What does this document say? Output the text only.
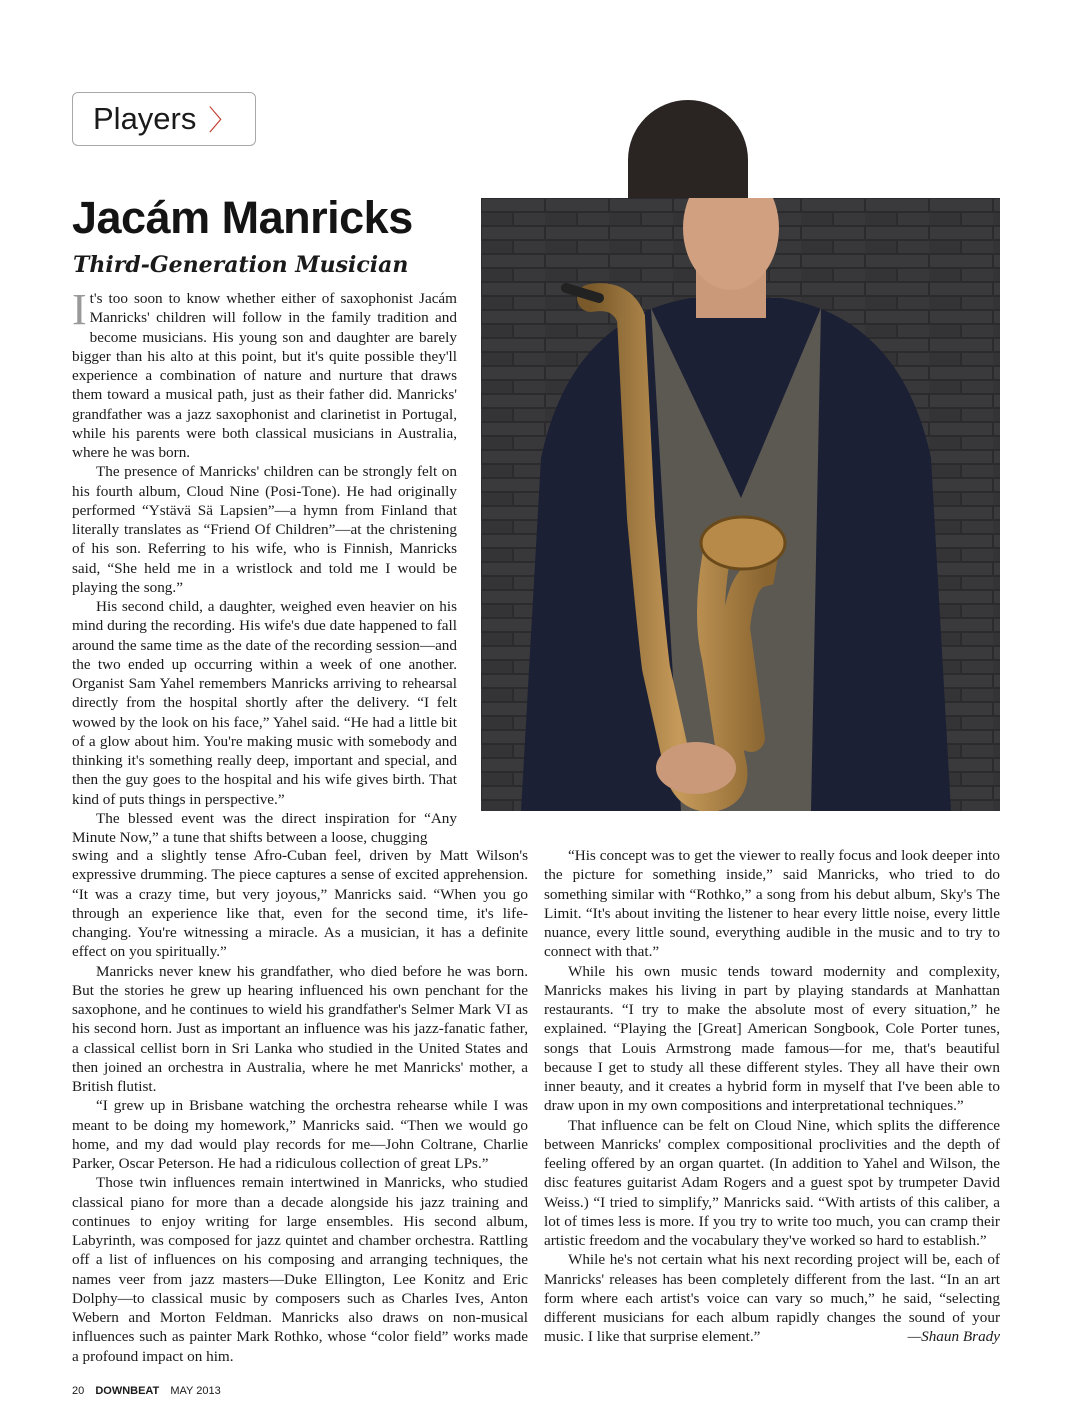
Players 〉
Jacám Manricks
Third-Generation Musician

It's too soon to know whether either of saxophonist Jacám Manricks' children will follow in the family tradition and become musicians. His young son and daughter are barely bigger than his alto at this point, but it's quite possible they'll experience a combination of nature and nurture that draws them toward a musical path, just as their father did. Manricks' grandfather was a jazz saxophonist and clarinetist in Portugal, while his parents were both classical musicians in Australia, where he was born.

The presence of Manricks' children can be strongly felt on his fourth album, Cloud Nine (Posi-Tone). He had originally performed “Ystävä Sä Lapsien”—a hymn from Finland that literally translates as “Friend Of Children”—at the christening of his son. Referring to his wife, who is Finnish, Manricks said, “She held me in a wristlock and told me I would be playing the song.”

His second child, a daughter, weighed even heavier on his mind during the recording. His wife's due date happened to fall around the same time as the date of the recording session—and the two ended up occurring within a week of one another. Organist Sam Yahel remembers Manricks arriving to rehearsal directly from the hospital shortly after the delivery. “I felt wowed by the look on his face,” Yahel said. “He had a little bit of a glow about him. You're making music with somebody and thinking it's something really deep, important and special, and then the guy goes to the hospital and his wife gives birth. That kind of puts things in perspective.”

The blessed event was the direct inspiration for “Any Minute Now,” a tune that shifts between a loose, chugging

swing and a slightly tense Afro-Cuban feel, driven by Matt Wilson's expressive drumming. The piece captures a sense of excited apprehension. “It was a crazy time, but very joyous,” Manricks said. “When you go through an experience like that, even for the second time, it's life-changing. You're witnessing a miracle. As a musician, it has a definite effect on you spiritually.”

Manricks never knew his grandfather, who died before he was born. But the stories he grew up hearing influenced his own penchant for the saxophone, and he continues to wield his grandfather's Selmer Mark VI as his second horn. Just as important an influence was his jazz-fanatic father, a classical cellist born in Sri Lanka who studied in the United States and then joined an orchestra in Australia, where he met Manricks' mother, a British flutist.

“I grew up in Brisbane watching the orchestra rehearse while I was meant to be doing my homework,” Manricks said. “Then we would go home, and my dad would play records for me—John Coltrane, Charlie Parker, Oscar Peterson. He had a ridiculous collection of great LPs.”

Those twin influences remain intertwined in Manricks, who studied classical piano for more than a decade alongside his jazz training and continues to enjoy writing for large ensembles. His second album, Labyrinth, was composed for jazz quintet and chamber orchestra. Rattling off a list of influences on his composing and arranging techniques, the names veer from jazz masters—Duke Ellington, Lee Konitz and Eric Dolphy—to classical music by composers such as Charles Ives, Anton Webern and Morton Feldman. Manricks also draws on non-musical influences such as painter Mark Rothko, whose “color field” works made a profound impact on him.

“His concept was to get the viewer to really focus and look deeper into the picture for something inside,” said Manricks, who tried to do something similar with “Rothko,” a song from his debut album, Sky's The Limit. “It's about inviting the listener to hear every little noise, every little nuance, every little sound, everything audible in the music and to try to connect with that.”

While his own music tends toward modernity and complexity, Manricks makes his living in part by playing standards at Manhattan restaurants. “I try to make the absolute most of every situation,” he explained. “Playing the [Great] American Songbook, Cole Porter tunes, songs that Louis Armstrong made famous—for me, that's beautiful because I get to study all these different styles. They all have their own inner beauty, and it creates a hybrid form in myself that I've been able to draw upon in my own compositions and interpretational techniques.”

That influence can be felt on Cloud Nine, which splits the difference between Manricks' complex compositional proclivities and the depth of feeling offered by an organ quartet. (In addition to Yahel and Wilson, the disc features guitarist Adam Rogers and a guest spot by trumpeter David Weiss.) “I tried to simplify,” Manricks said. “With artists of this caliber, a lot of times less is more. If you try to write too much, you can cramp their artistic freedom and the vocabulary they've worked so hard to establish.”

While he's not certain what his next recording project will be, each of Manricks' releases has been completely different from the last. “In an art form where each artist's voice can vary so much,” he said, “selecting different musicians for each album rapidly changes the sound of your music. I like that surprise element.”	—Shaun Brady

20 DOWNBEAT MAY 2013
